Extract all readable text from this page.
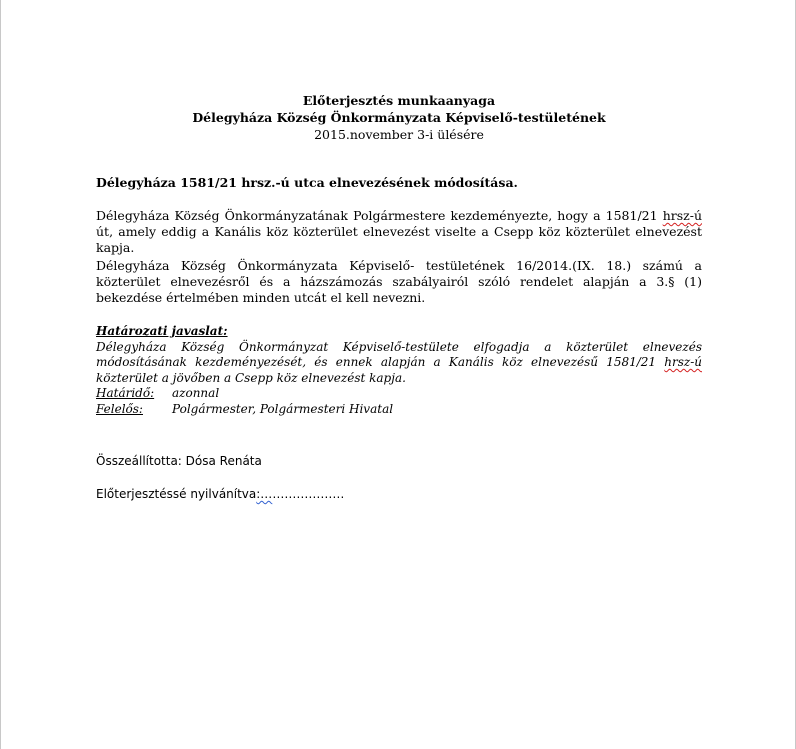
Előterjesztés munkaanyaga
Délegyháza Község Önkormányzata Képviselő-testületének
2015.november 3-i ülésére
Délegyháza 1581/21 hrsz.-ú utca elnevezésének módosítása.
Délegyháza Község Önkormányzatának Polgármestere kezdeményezte, hogy a 1581/21 hrsz-ú út, amely eddig a Kanális köz közterület elnevezést viselte a Csepp köz közterület elnevezést kapja.
Délegyháza Község Önkormányzata Képviselő- testületének 16/2014.(IX. 18.) számú a közterület elnevezésről és a házszámozás szabályairól szóló rendelet alapján a 3.§ (1) bekezdése értelmében minden utcát el kell nevezni.
Határozati javaslat:
Délegyháza Község Önkormányzat Képviselő-testülete elfogadja a közterület elnevezés módosításának kezdeményezését, és ennek alapján a Kanális köz elnevezésű 1581/21 hrsz-ú közterület a jövőben a Csepp köz elnevezést kapja.
Határidő:	azonnal
Felelős:	Polgármester, Polgármesteri Hivatal
Összeállította: Dósa Renáta
Előterjesztéssé nyilvánítva:…………………
